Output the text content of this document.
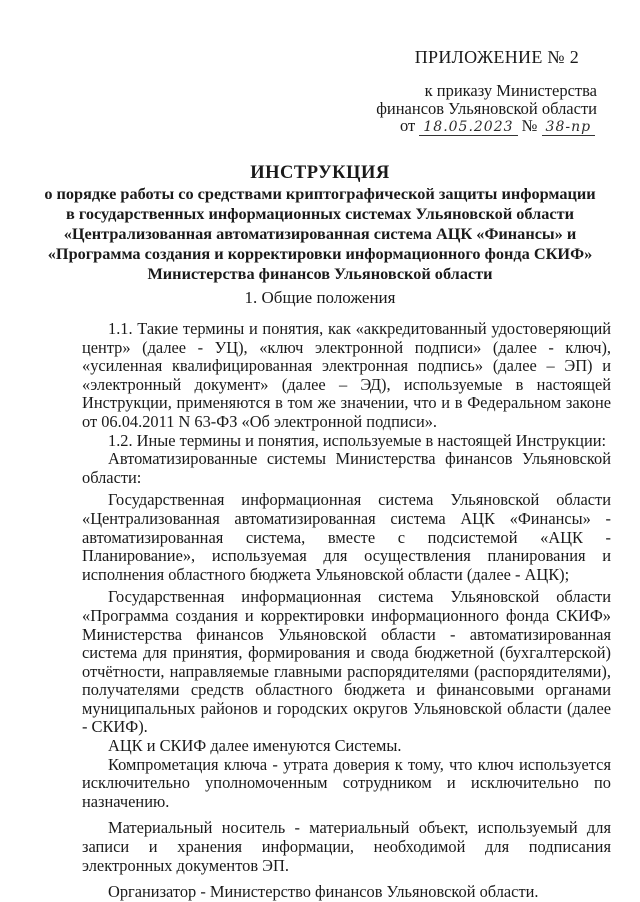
ПРИЛОЖЕНИЕ № 2
к приказу Министерства
финансов Ульяновской области
от 18.05.2023 № 38-пр
ИНСТРУКЦИЯ
о порядке работы со средствами криптографической защиты информации
в государственных информационных системах Ульяновской области
«Централизованная автоматизированная система АЦК «Финансы» и
«Программа создания и корректировки информационного фонда СКИФ»
Министерства финансов Ульяновской области
1. Общие положения

1.1. Такие термины и понятия, как «аккредитованный удостоверяющий центр» (далее - УЦ), «ключ электронной подписи» (далее - ключ), «усиленная квалифицированная электронная подпись» (далее – ЭП) и «электронный документ» (далее – ЭД), используемые в настоящей Инструкции, применяются в том же значении, что и в Федеральном законе от 06.04.2011 N 63-ФЗ «Об электронной подписи».

1.2. Иные термины и понятия, используемые в настоящей Инструкции:

Автоматизированные системы Министерства финансов Ульяновской области:

Государственная информационная система Ульяновской области «Централизованная автоматизированная система АЦК «Финансы» - автоматизированная система, вместе с подсистемой «АЦК - Планирование», используемая для осуществления планирования и исполнения областного бюджета Ульяновской области (далее - АЦК);

Государственная информационная система Ульяновской области «Программа создания и корректировки информационного фонда СКИФ» Министерства финансов Ульяновской области - автоматизированная система для принятия, формирования и свода бюджетной (бухгалтерской) отчётности, направляемые главными распорядителями (распорядителями), получателями средств областного бюджета и финансовыми органами муниципальных районов и городских округов Ульяновской области (далее - СКИФ).

АЦК и СКИФ далее именуются Системы.

Компрометация ключа - утрата доверия к тому, что ключ используется исключительно уполномоченным сотрудником и исключительно по назначению.

Материальный носитель - материальный объект, используемый для записи и хранения информации, необходимой для подписания электронных документов ЭП.

Организатор - Министерство финансов Ульяновской области.
